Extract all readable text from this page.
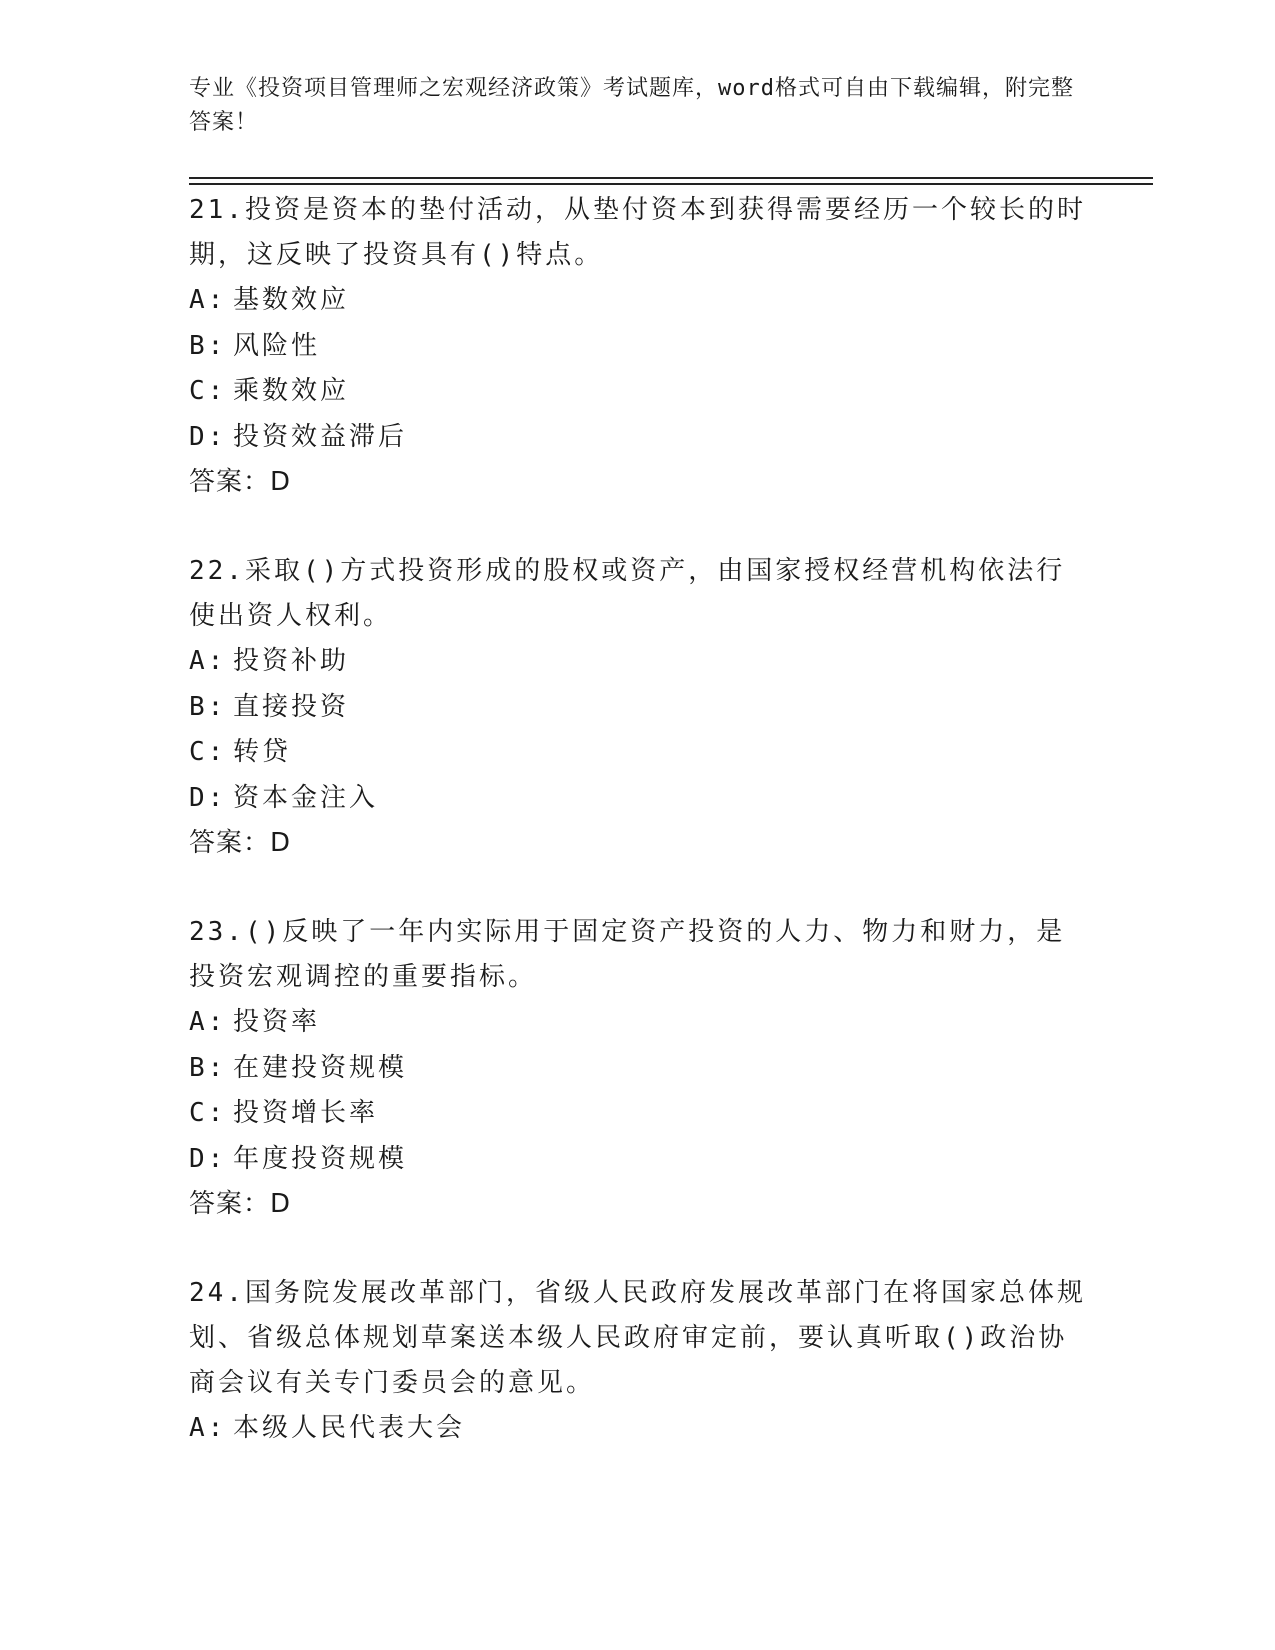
专业《投资项目管理师之宏观经济政策》考试题库，word格式可自由下载编辑，附完整答案！
21.投资是资本的垫付活动，从垫付资本到获得需要经历一个较长的时期，这反映了投资具有()特点。
A: 基数效应
B: 风险性
C: 乘数效应
D: 投资效益滞后
答案：D
22.采取()方式投资形成的股权或资产，由国家授权经营机构依法行使出资人权利。
A: 投资补助
B: 直接投资
C: 转贷
D: 资本金注入
答案：D
23.()反映了一年内实际用于固定资产投资的人力、物力和财力，是投资宏观调控的重要指标。
A: 投资率
B: 在建投资规模
C: 投资增长率
D: 年度投资规模
答案：D
24.国务院发展改革部门，省级人民政府发展改革部门在将国家总体规划、省级总体规划草案送本级人民政府审定前，要认真听取()政治协商会议有关专门委员会的意见。
A: 本级人民代表大会
